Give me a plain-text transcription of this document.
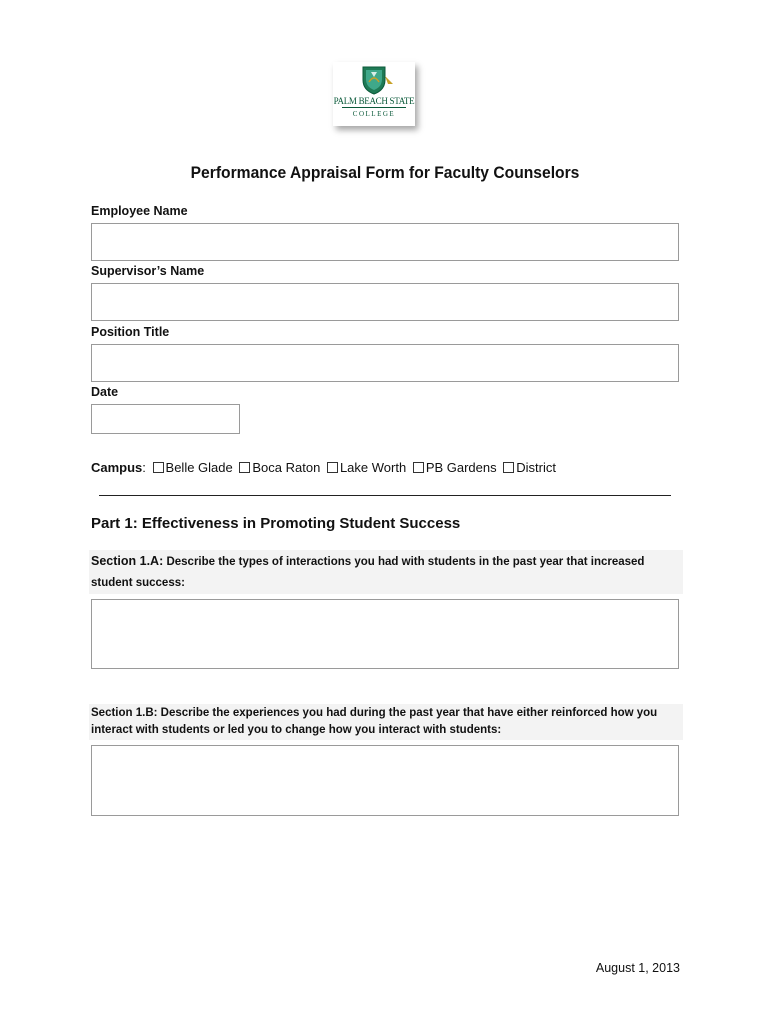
PALM BEACH STATE
COLLEGE
Performance Appraisal Form for Faculty Counselors
Employee Name
Supervisor’s Name
Position Title
Date
Campus: Belle Glade Boca Raton Lake Worth PB Gardens District
Part 1: Effectiveness in Promoting Student Success
Section 1.A: Describe the types of interactions you had with students in the past year that increased student success:
Section 1.B: Describe the experiences you had during the past year that have either reinforced how you interact with students or led you to change how you interact with students:
August 1, 2013
